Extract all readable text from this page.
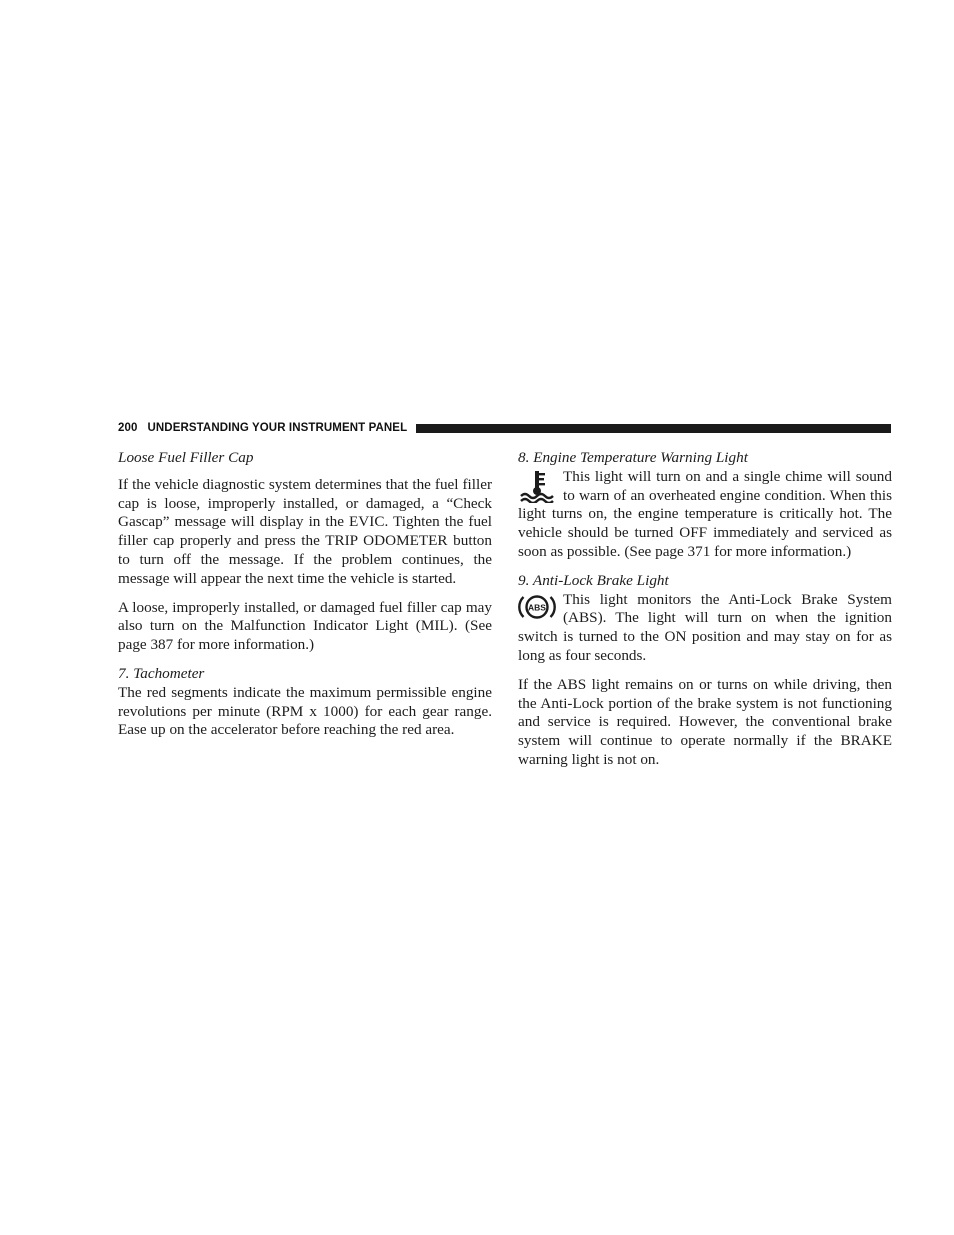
200 UNDERSTANDING YOUR INSTRUMENT PANEL
Loose Fuel Filler Cap

If the vehicle diagnostic system determines that the fuel filler cap is loose, improperly installed, or damaged, a “Check Gascap” message will display in the EVIC. Tighten the fuel filler cap properly and press the TRIP ODOMETER button to turn off the message. If the problem continues, the message will appear the next time the vehicle is started.

A loose, improperly installed, or damaged fuel filler cap may also turn on the Malfunction Indicator Light (MIL). (See page 387 for more information.)

7. Tachometer

The red segments indicate the maximum permissible engine revolutions per minute (RPM x 1000) for each gear range. Ease up on the accelerator before reaching the red area.

8. Engine Temperature Warning Light

This light will turn on and a single chime will sound to warn of an overheated engine condition. When this light turns on, the engine temperature is critically hot. The vehicle should be turned OFF immediately and serviced as soon as possible. (See page 371 for more information.)

9. Anti-Lock Brake Light

ABS This light monitors the Anti-Lock Brake System (ABS). The light will turn on when the ignition switch is turned to the ON position and may stay on for as long as four seconds.

If the ABS light remains on or turns on while driving, then the Anti-Lock portion of the brake system is not functioning and service is required. However, the conventional brake system will continue to operate normally if the BRAKE warning light is not on.
